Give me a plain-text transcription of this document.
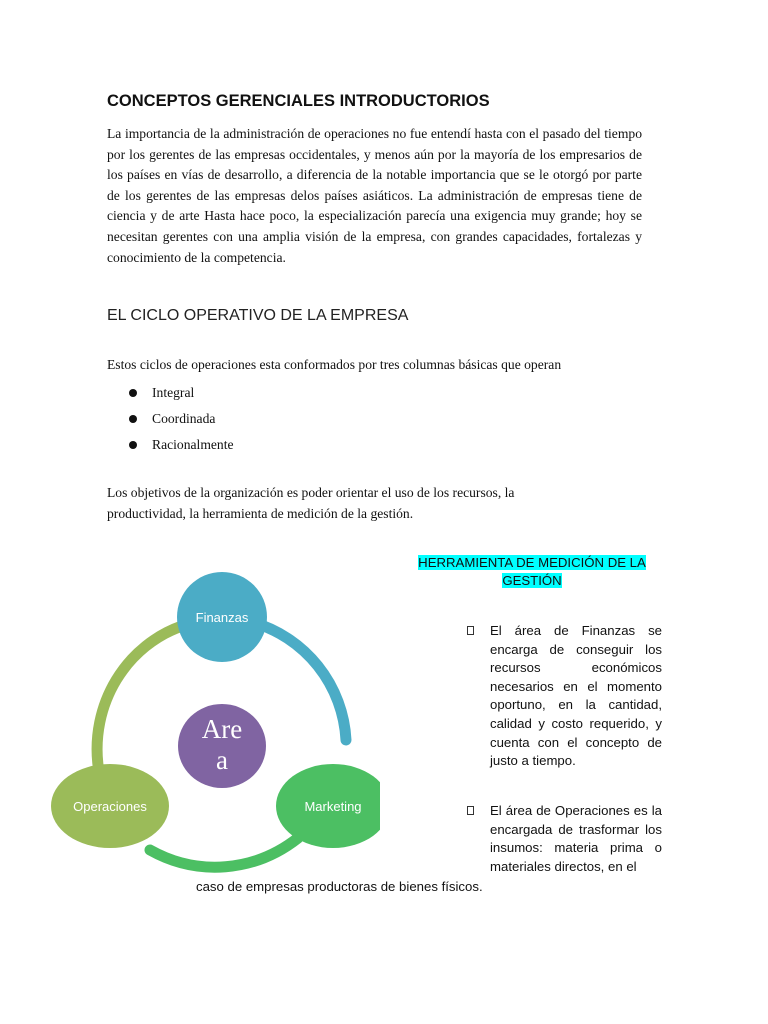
CONCEPTOS GERENCIALES INTRODUCTORIOS

La importancia de la administración de operaciones no fue entendí hasta con el pasado del tiempo por los gerentes de las empresas occidentales, y menos aún por la mayoría de los empresarios de los países en vías de desarrollo, a diferencia de la notable importancia que se le otorgó por parte de los gerentes de las empresas delos países asiáticos. La administración de empresas tiene de ciencia y de arte Hasta hace poco, la especialización parecía una exigencia muy grande; hoy se necesitan gerentes con una amplia visión de la empresa, con grandes capacidades, fortalezas y conocimiento de la competencia.

EL CICLO OPERATIVO DE LA EMPRESA

Estos ciclos de operaciones esta conformados por tres columnas básicas que operan

Integral
Coordinada
Racionalmente

Los objetivos de la organización es poder orientar el uso de los recursos, la productividad, la herramienta de medición de la gestión.

Finanzas
Operaciones	Marketing
Are
a
HERRAMIENTA DE MEDICIÓN DE LA
GESTIÓN
El área de Finanzas se encarga de conseguir los recursos económicos necesarios en el momento oportuno, en la cantidad, calidad y costo requerido, y cuenta con el concepto de justo a tiempo.
El área de Operaciones es la encargada de trasformar los insumos: materia prima o materiales directos, en el
caso de empresas productoras de bienes físicos.
